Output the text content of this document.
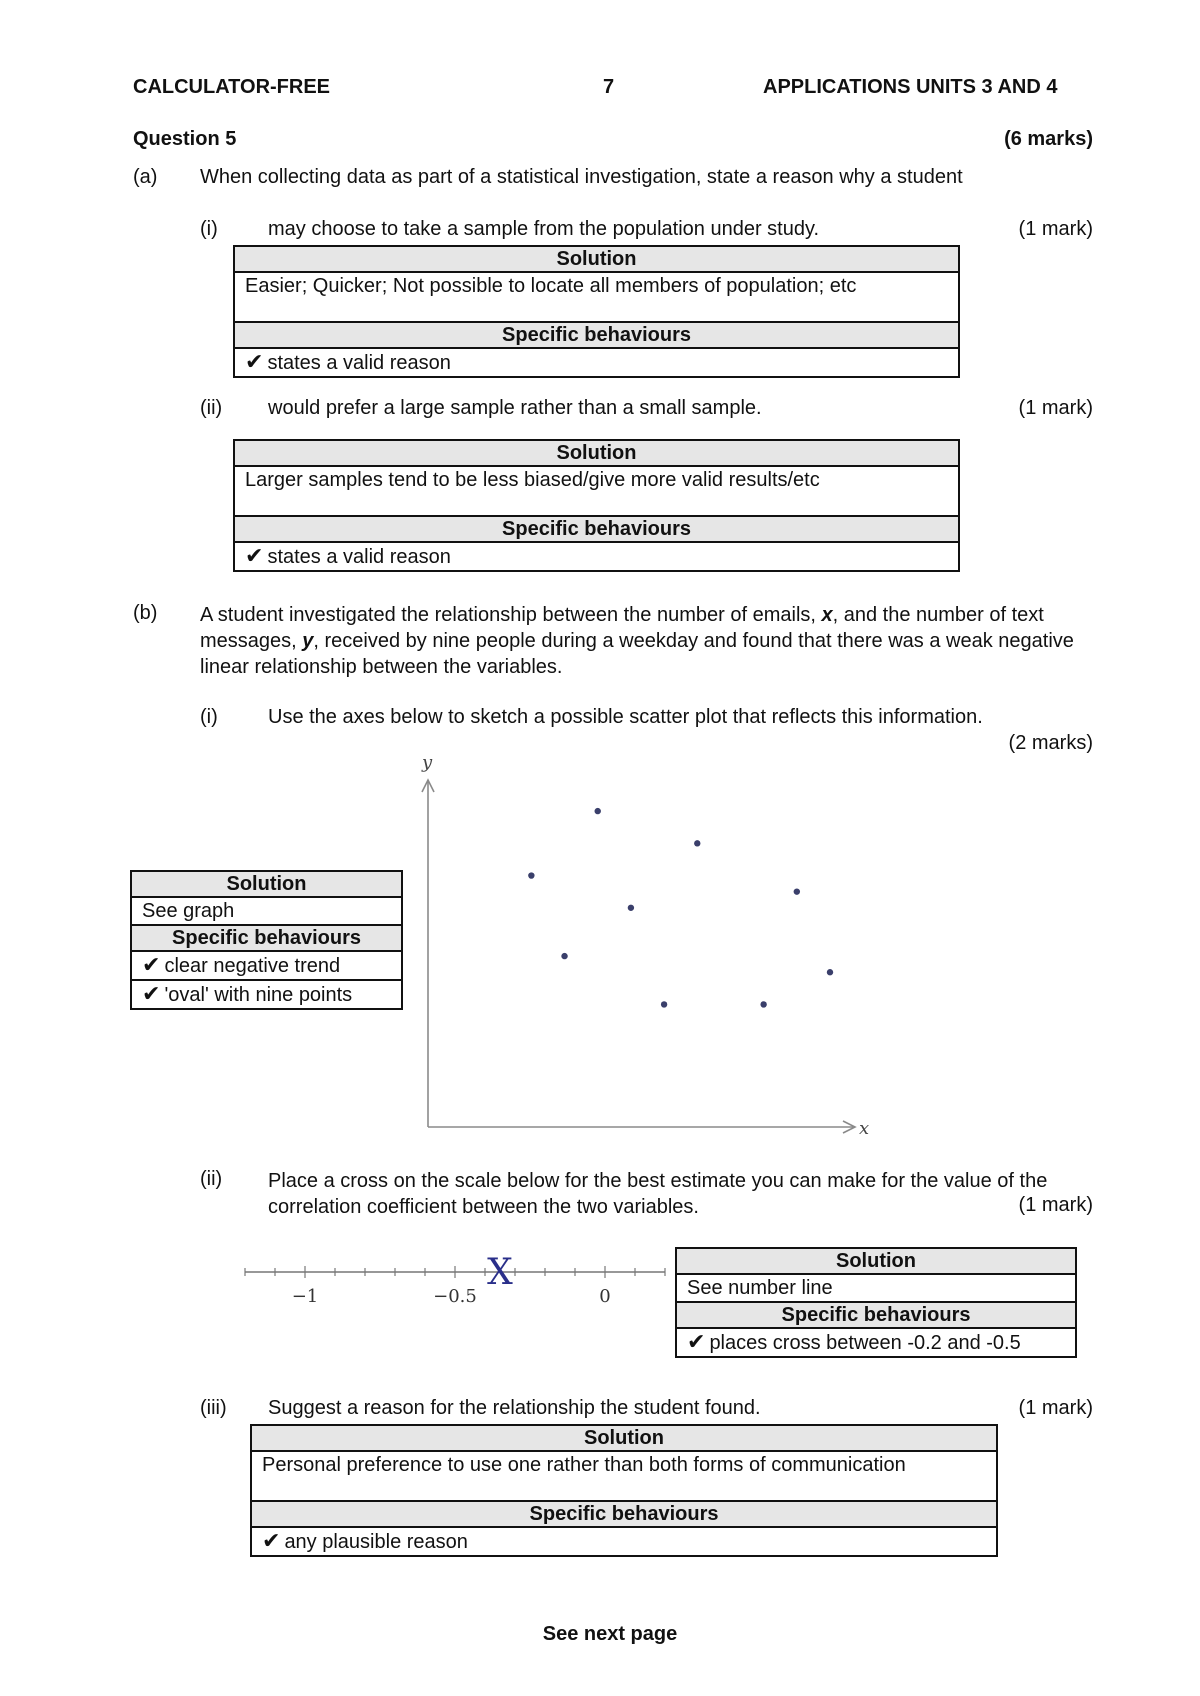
CALCULATOR-FREE	7	APPLICATIONS UNITS 3 AND 4
Question 5	(6 marks)
(a) When collecting data as part of a statistical investigation, state a reason why a student
(i)	may choose to take a sample from the population under study.	(1 mark)
Solution
Easier; Quicker; Not possible to locate all members of population; etc
Specific behaviours
✔ states a valid reason
(ii) would prefer a large sample rather than a small sample.	(1 mark)
Solution
Larger samples tend to be less biased/give more valid results/etc
Specific behaviours
✔ states a valid reason
(b) A student investigated the relationship between the number of emails, x, and the number of text messages, y, received by nine people during a weekday and found that there was a weak negative linear relationship between the variables.
(i)	Use the axes below to sketch a possible scatter plot that reflects this information.
(2 marks)
Solution
See graph
Specific behaviours
✔ clear negative trend
✔ 'oval' with nine points
x
y
(ii) Place a cross on the scale below for the best estimate you can make for the value of the correlation coefficient between the two variables.	(1 mark)
−1	−0.5	0
X	Solution
See number line
Specific behaviours
✔ places cross between -0.2 and -0.5
(iii) Suggest a reason for the relationship the student found.	(1 mark)
Solution
Personal preference to use one rather than both forms of communication
Specific behaviours
✔ any plausible reason
See next page
